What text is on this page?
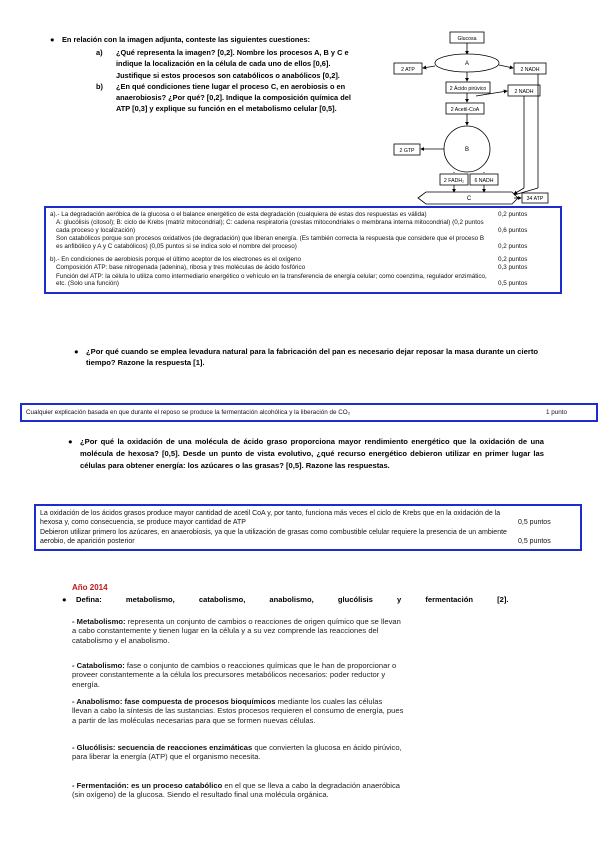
● En relación con la imagen adjunta, conteste las siguientes cuestiones:

a) ¿Qué representa la imagen? [0,2]. Nombre los procesos A, B y C e indique la localización en la célula de cada uno de ellos [0,6]. Justifique si estos procesos son catabólicos o anabólicos [0,2].
b) ¿En qué condiciones tiene lugar el proceso C, en aerobiosis o en anaerobiosis? ¿Por qué? [0,2]. Indique la composición química del ATP [0,3] y explique su función en el metabolismo celular [0,5].
Glucosa
A
2 ATP	2 NADH
2 Ácido pirúvico	2 NADH
2 Acetil-CoA
B
2 GTP
2 FADH₂ 6 NADH
C	34 ATP
a).- La degradación aeróbica de la glucosa o el balance energético de esta degradación (cualquiera de estas dos respuestas es válida)	0,2 puntos
A: glucólisis (citosol); B: ciclo de Krebs (matriz mitocondrial); C: cadena respiratoria (crestas mitocondriales o membrana interna mitocondrial) (0,2 puntos cada proceso y localización)	0,6 puntos
Son catabólicos porque son procesos oxidativos (de degradación) que liberan energía. (Es también correcta la respuesta que considere que el proceso B es anfibólico y A y C catabólicos) (0,05 puntos si se indica solo el nombre del proceso)	0,2 puntos
b).- En condiciones de aerobiosis porque el último aceptor de los electrones es el oxígeno	0,2 puntos
Composición ATP: base nitrogenada (adenina), ribosa y tres moléculas de ácido fosfórico	0,3 puntos
Función del ATP: la célula lo utiliza como intermediario energético o vehículo en la transferencia de energía celular; como coenzima, regulador enzimático, etc. (Solo una función)	0,5 puntos
● ¿Por qué cuando se emplea levadura natural para la fabricación del pan es necesario dejar reposar la masa durante un cierto tiempo? Razone la respuesta [1].
Cualquier explicación basada en que durante el reposo se produce la fermentación alcohólica y la liberación de CO₂	1 punto
● ¿Por qué la oxidación de una molécula de ácido graso proporciona mayor rendimiento energético que la oxidación de una molécula de hexosa? [0,5]. Desde un punto de vista evolutivo, ¿qué recurso energético debieron utilizar en primer lugar las células para obtener energía: los azúcares o las grasas? [0,5]. Razone las respuestas.
La oxidación de los ácidos grasos produce mayor cantidad de acetil CoA y, por tanto, funciona más veces el ciclo de Krebs que en la oxidación de la hexosa y, como consecuencia, se produce mayor cantidad de ATP	0,5 puntos
Debieron utilizar primero los azúcares, en anaerobiosis, ya que la utilización de grasas como combustible celular requiere la presencia de un ambiente aerobio, de aparición posterior	0,5 puntos
Año 2014
● Defina: metabolismo, catabolismo, anabolismo, glucólisis y fermentación [2].
- Metabolismo: representa un conjunto de cambios o reacciones de origen químico que se llevan a cabo constantemente y tienen lugar en la célula y a su vez comprende las reacciones del catabolismo y el anabolismo.
- Catabolismo: fase o conjunto de cambios o reacciones químicas que le han de proporcionar o proveer constantemente a la célula los precursores metabólicos necesarios: poder reductor y energía.
- Anabolismo: fase compuesta de procesos bioquímicos mediante los cuales las células llevan a cabo la síntesis de las sustancias. Estos procesos requieren el consumo de energía, pues a partir de las moléculas necesarias para que se formen nuevas células.
- Glucólisis: secuencia de reacciones enzimáticas que convierten la glucosa en ácido pirúvico, para liberar la energía (ATP) que el organismo necesita.
- Fermentación: es un proceso catabólico en el que se lleva a cabo la degradación anaeróbica (sin oxígeno) de la glucosa. Siendo el resultado final una molécula orgánica.
